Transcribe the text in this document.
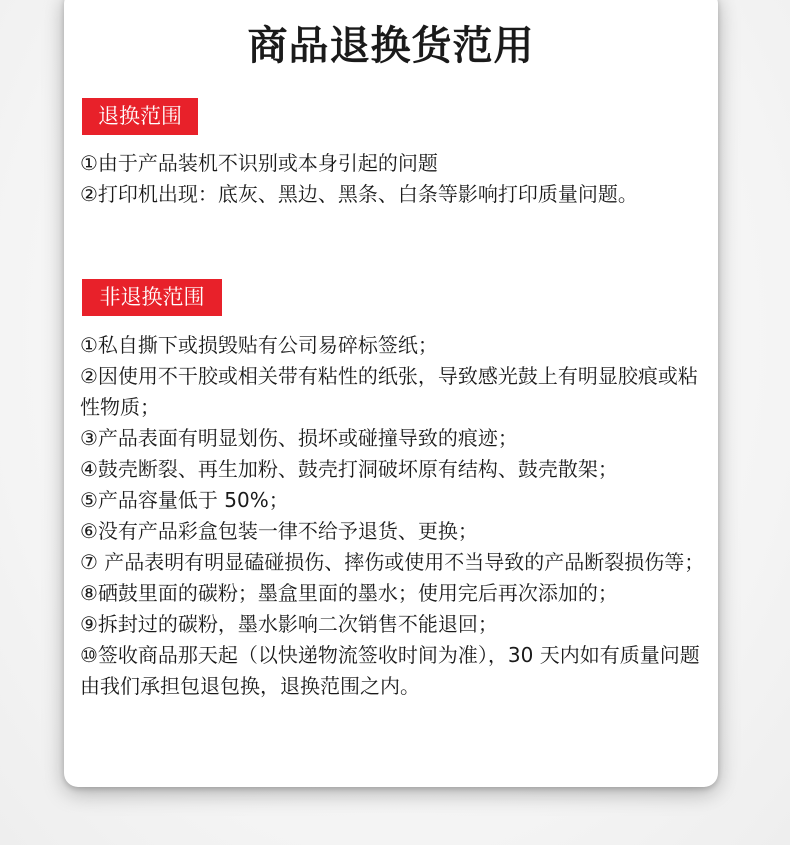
商品退换货范用
退换范围
①由于产品装机不识别或本身引起的问题
②打印机出现：底灰、黑边、黑条、白条等影响打印质量问题。
非退换范围
①私自撕下或损毁贴有公司易碎标签纸；
②因使用不干胶或相关带有粘性的纸张，导致感光鼓上有明显胶痕或粘性物质；
③产品表面有明显划伤、损坏或碰撞导致的痕迹；
④鼓壳断裂、再生加粉、鼓壳打洞破坏原有结构、鼓壳散架；
⑤产品容量低于 50%；
⑥没有产品彩盒包装一律不给予退货、更换；
⑦ 产品表明有明显磕碰损伤、摔伤或使用不当导致的产品断裂损伤等；
⑧硒鼓里面的碳粉；墨盒里面的墨水；使用完后再次添加的；
⑨拆封过的碳粉，墨水影响二次销售不能退回；
⑩签收商品那天起（以快递物流签收时间为准），30 天内如有质量问题由我们承担包退包换，退换范围之内。
